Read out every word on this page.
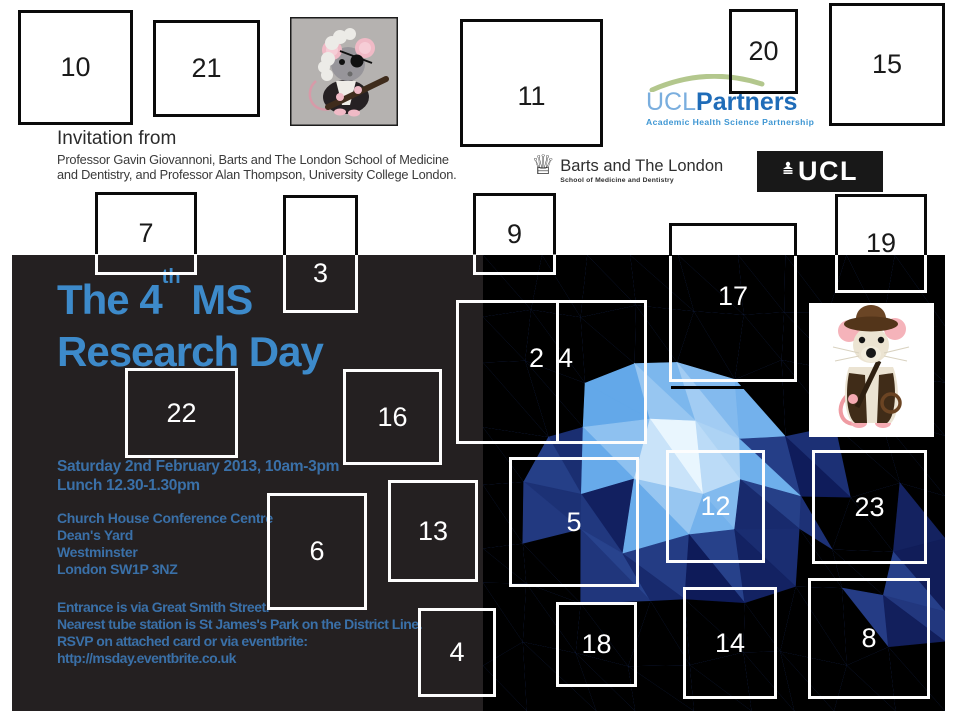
Invitation from

Professor Gavin Giovannoni, Barts and The London School of Medicine

and Dentistry, and Professor Alan Thompson, University College London.

UCLPartners
Academic Health Science Partnership
♕ Barts and The London
School of Medicine and Dentistry	UCL
The 4th MS
Research Day
Saturday 2nd February 2013, 10am-3pm
Lunch 12.30-1.30pm
Church House Conference Centre
Dean's Yard
Westminster
London SW1P 3NZ
Entrance is via Great Smith Street.
Nearest tube station is St James's Park on the District Line.
RSVP on attached card or via eventbrite:
http://msday.eventbrite.co.uk
10	21
11
20	15
7
3
9	19
17
2 4
22	16
5
12	23
6
13
4	18	14	8
